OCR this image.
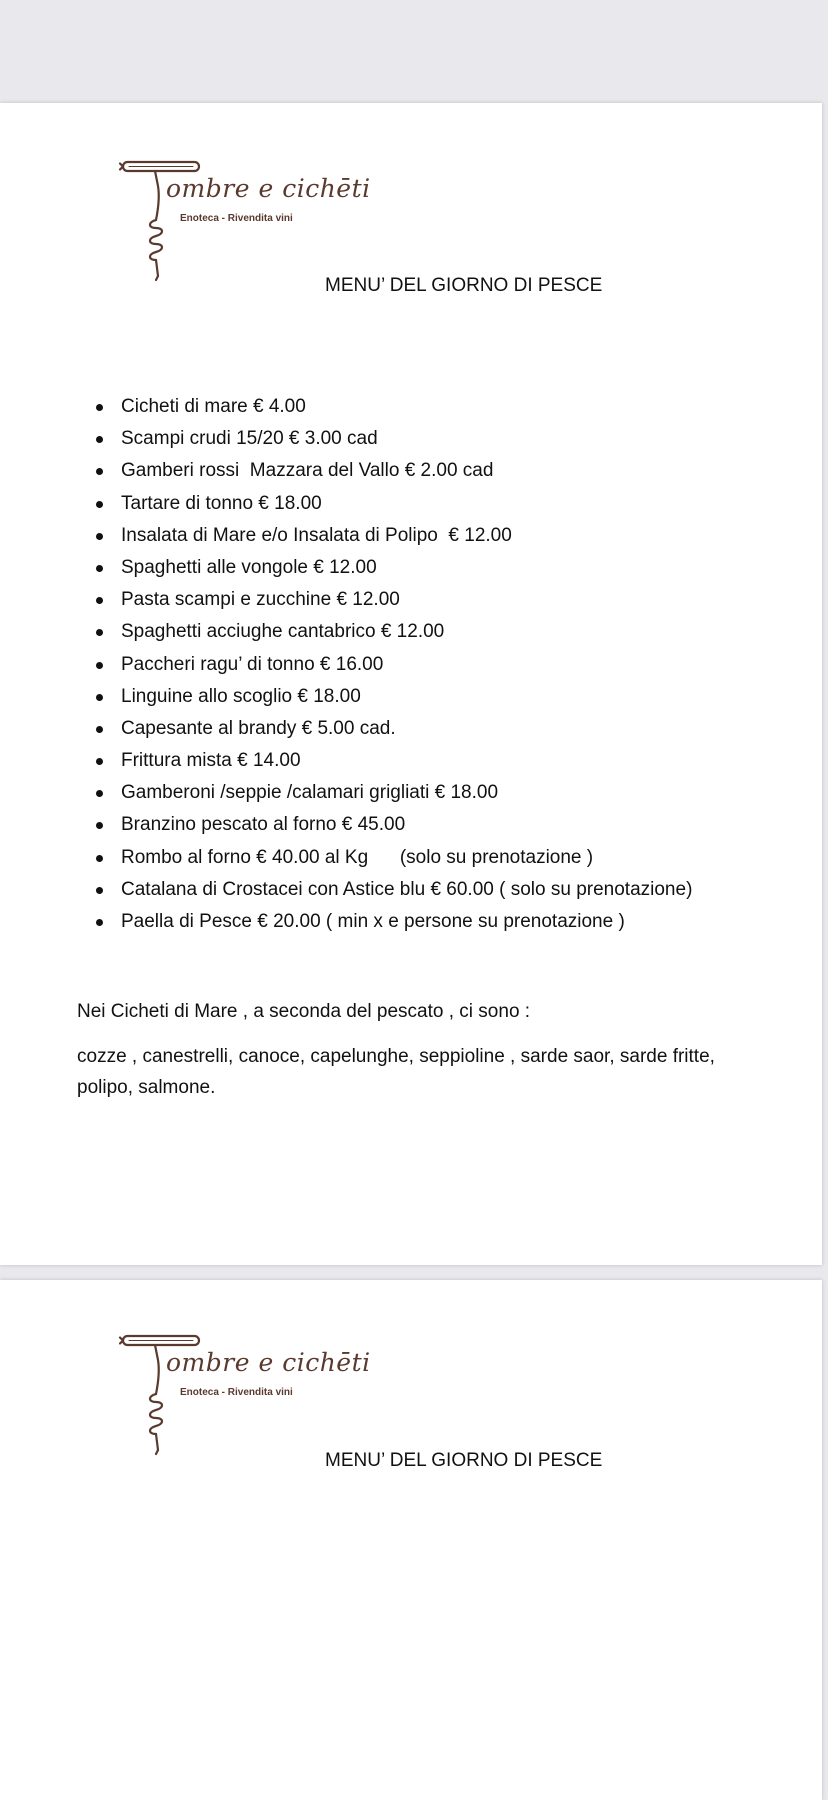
ombre e cichēti
Enoteca - Rivendita vini
MENU’ DEL GIORNO DI PESCE
Cicheti di mare € 4.00
Scampi crudi 15/20 € 3.00 cad
Gamberi rossi  Mazzara del Vallo € 2.00 cad
Tartare di tonno € 18.00
Insalata di Mare e/o Insalata di Polipo  € 12.00
Spaghetti alle vongole € 12.00
Pasta scampi e zucchine € 12.00
Spaghetti acciughe cantabrico € 12.00
Paccheri ragu’ di tonno € 16.00
Linguine allo scoglio € 18.00
Capesante al brandy € 5.00 cad.
Frittura mista € 14.00
Gamberoni /seppie /calamari grigliati € 18.00
Branzino pescato al forno € 45.00
Rombo al forno € 40.00 al Kg      (solo su prenotazione )
Catalana di Crostacei con Astice blu € 60.00 ( solo su prenotazione)
Paella di Pesce € 20.00 ( min x e persone su prenotazione )

Nei Cicheti di Mare , a seconda del pescato , ci sono :

cozze , canestrelli, canoce, capelunghe, seppioline , sarde saor, sarde fritte, polipo, salmone.

ombre e cichēti
Enoteca - Rivendita vini
MENU’ DEL GIORNO DI PESCE
